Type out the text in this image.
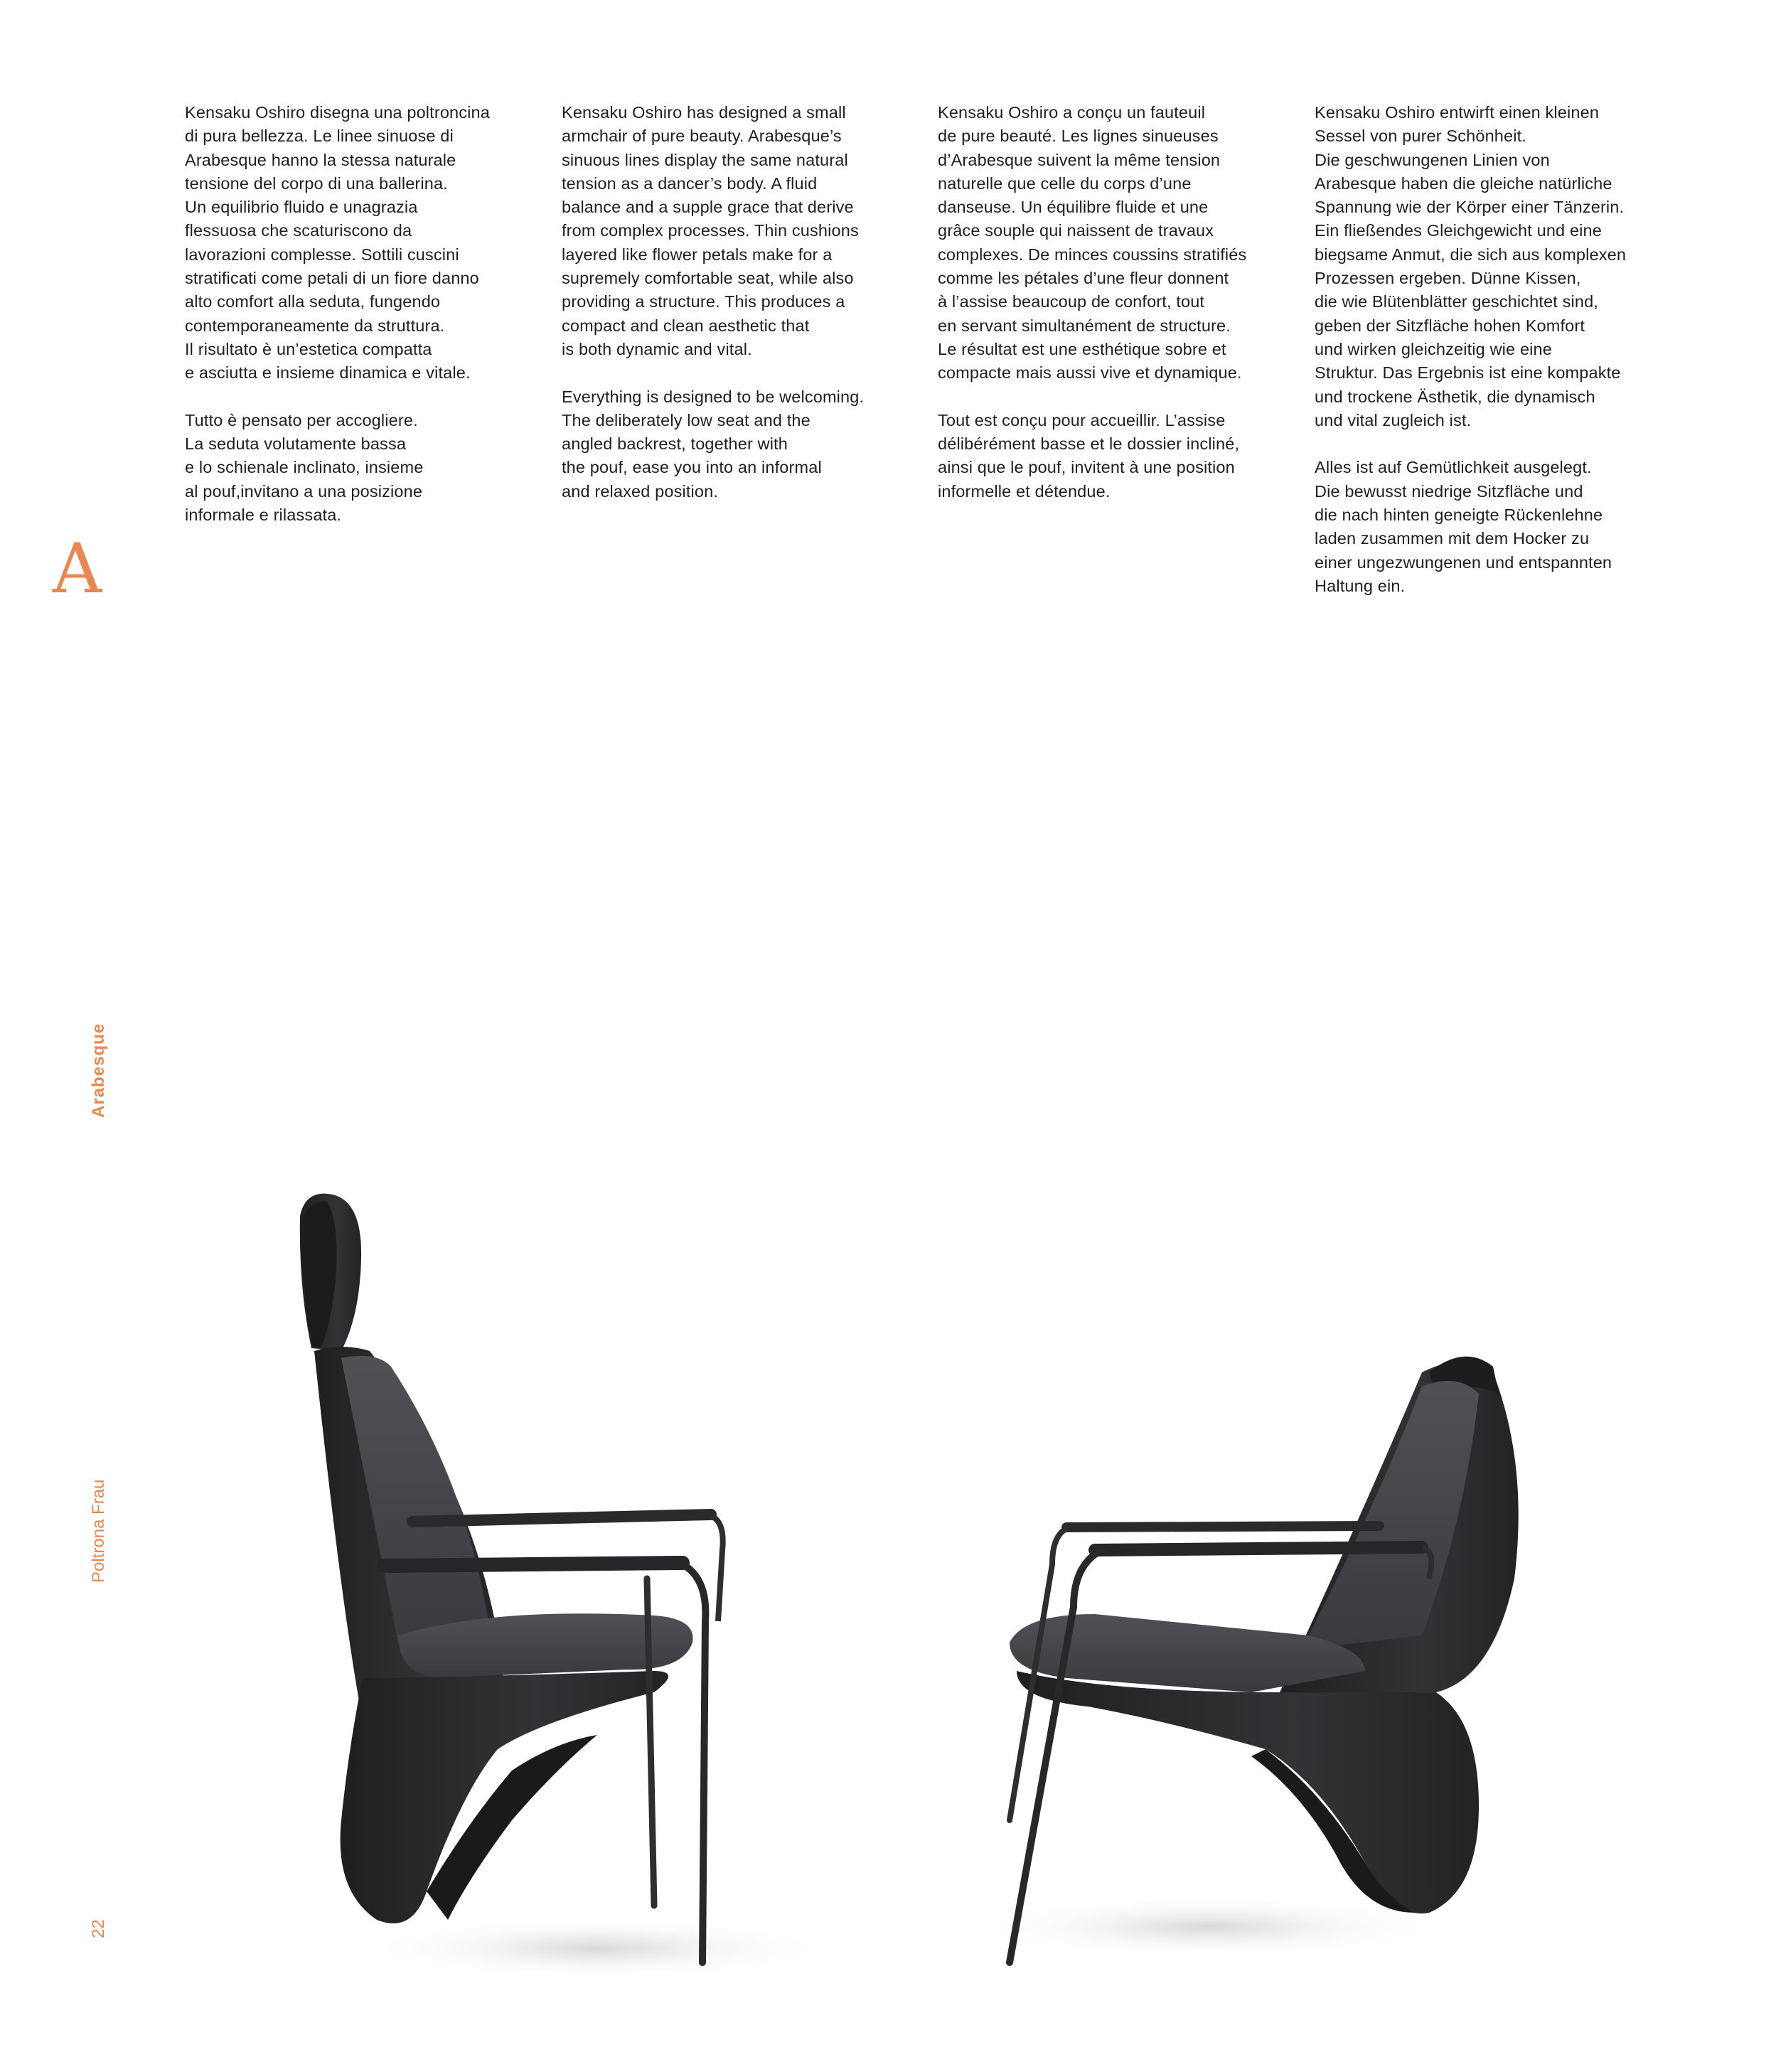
Kensaku Oshiro disegna una poltroncina
di pura bellezza. Le linee sinuose di
Arabesque hanno la stessa naturale
tensione del corpo di una ballerina.
Un equilibrio fluido e unagrazia
flessuosa che scaturiscono da
lavorazioni complesse. Sottili cuscini
stratificati come petali di un fiore danno
alto comfort alla seduta, fungendo
contemporaneamente da struttura.
Il risultato è un’estetica compatta
e asciutta e insieme dinamica e vitale.

Tutto è pensato per accogliere.
La seduta volutamente bassa
e lo schienale inclinato, insieme
al pouf,invitano a una posizione
informale e rilassata.

Kensaku Oshiro has designed a small
armchair of pure beauty. Arabesque’s
sinuous lines display the same natural
tension as a dancer’s body. A fluid
balance and a supple grace that derive
from complex processes. Thin cushions
layered like flower petals make for a
supremely comfortable seat, while also
providing a structure. This produces a
compact and clean aesthetic that
is both dynamic and vital.

Everything is designed to be welcoming.
The deliberately low seat and the
angled backrest, together with
the pouf, ease you into an informal
and relaxed position.

Kensaku Oshiro a conçu un fauteuil
de pure beauté. Les lignes sinueuses
d’Arabesque suivent la même tension
naturelle que celle du corps d’une
danseuse. Un équilibre fluide et une
grâce souple qui naissent de travaux
complexes. De minces coussins stratifiés
comme les pétales d’une fleur donnent
à l’assise beaucoup de confort, tout
en servant simultanément de structure.
Le résultat est une esthétique sobre et
compacte mais aussi vive et dynamique.

Tout est conçu pour accueillir. L’assise
délibérément basse et le dossier incliné,
ainsi que le pouf, invitent à une position
informelle et détendue.

Kensaku Oshiro entwirft einen kleinen
Sessel von purer Schönheit.
Die geschwungenen Linien von
Arabesque haben die gleiche natürliche
Spannung wie der Körper einer Tänzerin.
Ein fließendes Gleichgewicht und eine
biegsame Anmut, die sich aus komplexen
Prozessen ergeben. Dünne Kissen,
die wie Blütenblätter geschichtet sind,
geben der Sitzfläche hohen Komfort
und wirken gleichzeitig wie eine
Struktur. Das Ergebnis ist eine kompakte
und trockene Ästhetik, die dynamisch
und vital zugleich ist.

Alles ist auf Gemütlichkeit ausgelegt.
Die bewusst niedrige Sitzfläche und
die nach hinten geneigte Rückenlehne
laden zusammen mit dem Hocker zu
einer ungezwungenen und entspannten
Haltung ein.

A
Arabesque
Poltrona Frau
22
